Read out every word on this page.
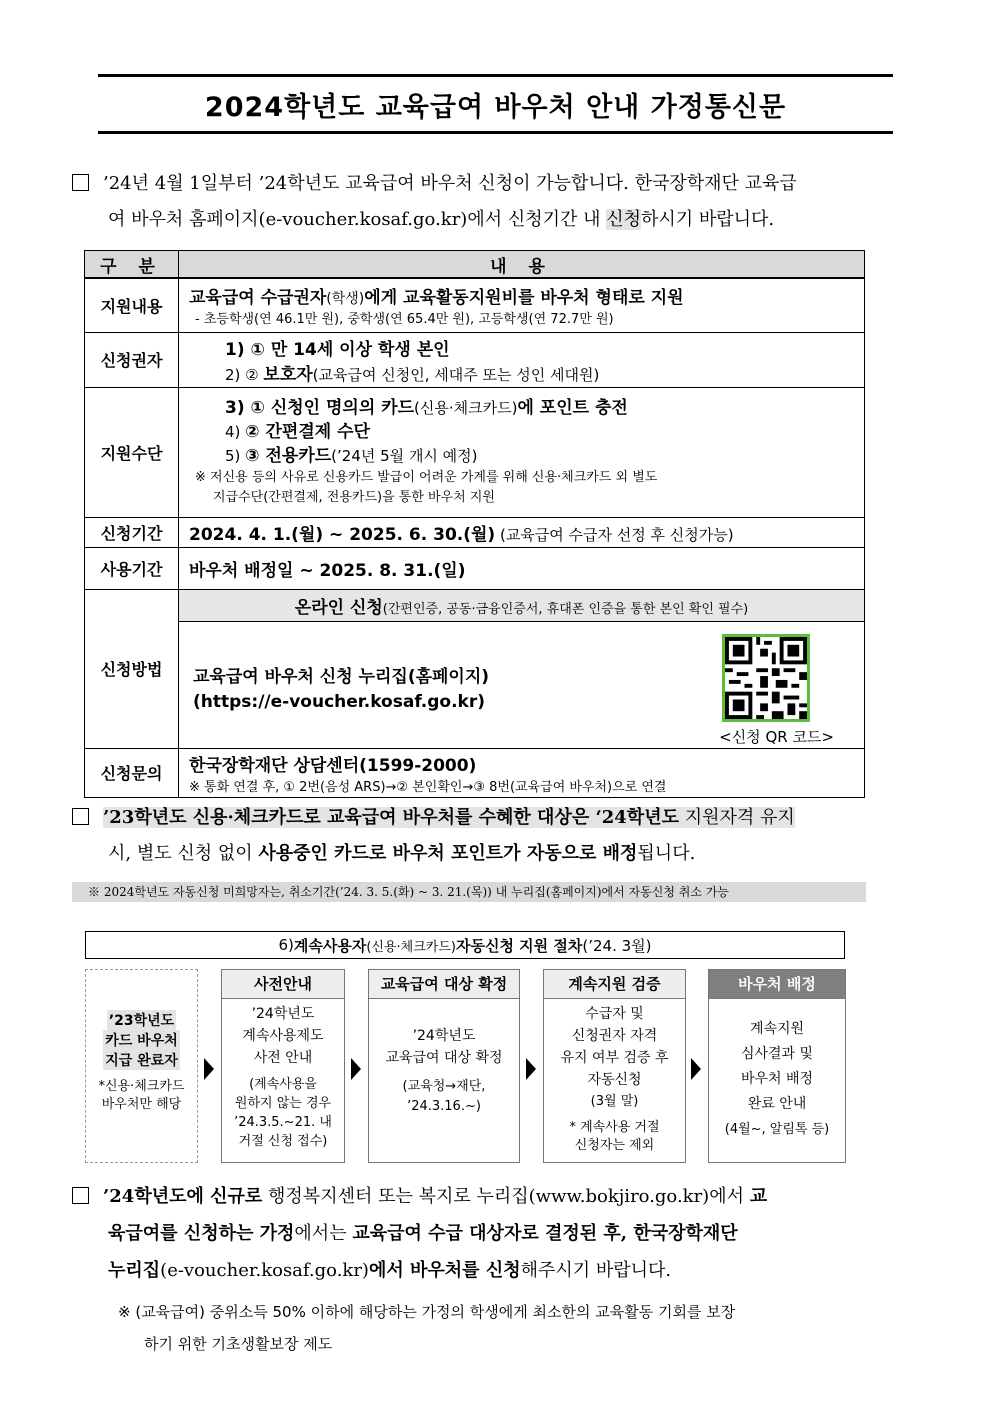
2024학년도 교육급여 바우처 안내 가정통신문
’24년 4월 1일부터 ’24학년도 교육급여 바우처 신청이 가능합니다. 한국장학재단 교육급
여 바우처 홈페이지(e-voucher.kosaf.go.kr)에서 신청기간 내 신청하시기 바랍니다.
구 분	내 용
지원내용	교육급여 수급권자(학생)에게 교육활동지원비를 바우처 형태로 지원
- 초등학생(연 46.1만 원), 중학생(연 65.4만 원), 고등학생(연 72.7만 원)

신청권자	1) ① 만 14세 이상 학생 본인
2) ② 보호자(교육급여 신청인, 세대주 또는 성인 세대원)

지원수단	3) ① 신청인 명의의 카드(신용·체크카드)에 포인트 충전
4) ② 간편결제 수단
5) ③ 전용카드(’24년 5월 개시 예정)
※ 저신용 등의 사유로 신용카드 발급이 어려운 가계를 위해 신용·체크카드 외 별도
지급수단(간편결제, 전용카드)을 통한 바우처 지원

신청기간	2024. 4. 1.(월) ~ 2025. 6. 30.(월) (교육급여 수급자 선정 후 신청가능)
사용기간	바우처 배정일 ~ 2025. 8. 31.(일)
신청방법	온라인 신청(간편인증, 공동·금융인증서, 휴대폰 인증을 통한 본인 확인 필수)
교육급여 바우처 신청 누리집(홈페이지)
(https://e-voucher.kosaf.go.kr)
<신청 QR 코드>

신청문의	한국장학재단 상담센터(1599-2000)
※ 통화 연결 후, ① 2번(음성 ARS)→② 본인확인→③ 8번(교육급여 바우처)으로 연결
’23학년도 신용·체크카드로 교육급여 바우처를 수혜한 대상은 ‘24학년도 지원자격 유지
시, 별도 신청 없이 사용중인 카드로 바우처 포인트가 자동으로 배정됩니다.
※ 2024학년도 자동신청 미희망자는, 취소기간(’24. 3. 5.(화) ~ 3. 21.(목)) 내 누리집(홈페이지)에서 자동신청 취소 가능
6) 계속사용자 (신용·체크카드) 자동신청 지원 절차 (’24. 3월)
’23학년도
카드 바우처
지급 완료자
*신용·체크카드
바우처만 해당
사전안내
’24학년도
계속사용제도
사전 안내
(계속사용을
원하지 않는 경우
’24.3.5.~21. 내
거절 신청 접수)
교육급여 대상 확정
’24학년도
교육급여 대상 확정
(교육청→재단,
’24.3.16.~)
계속지원 검증
수급자 및
신청권자 자격
유지 여부 검증 후
자동신청
(3월 말)
* 계속사용 거절
신청자는 제외
바우처 배정
계속지원
심사결과 및
바우처 배정
완료 안내
(4월~, 알림톡 등)
’24학년도에 신규로 행정복지센터 또는 복지로 누리집(www.bokjiro.go.kr)에서 교
육급여를 신청하는 가정에서는 교육급여 수급 대상자로 결정된 후, 한국장학재단
누리집(e-voucher.kosaf.go.kr)에서 바우처를 신청해주시기 바랍니다.
※ (교육급여) 중위소득 50% 이하에 해당하는 가정의 학생에게 최소한의 교육활동 기회를 보장
하기 위한 기초생활보장 제도
